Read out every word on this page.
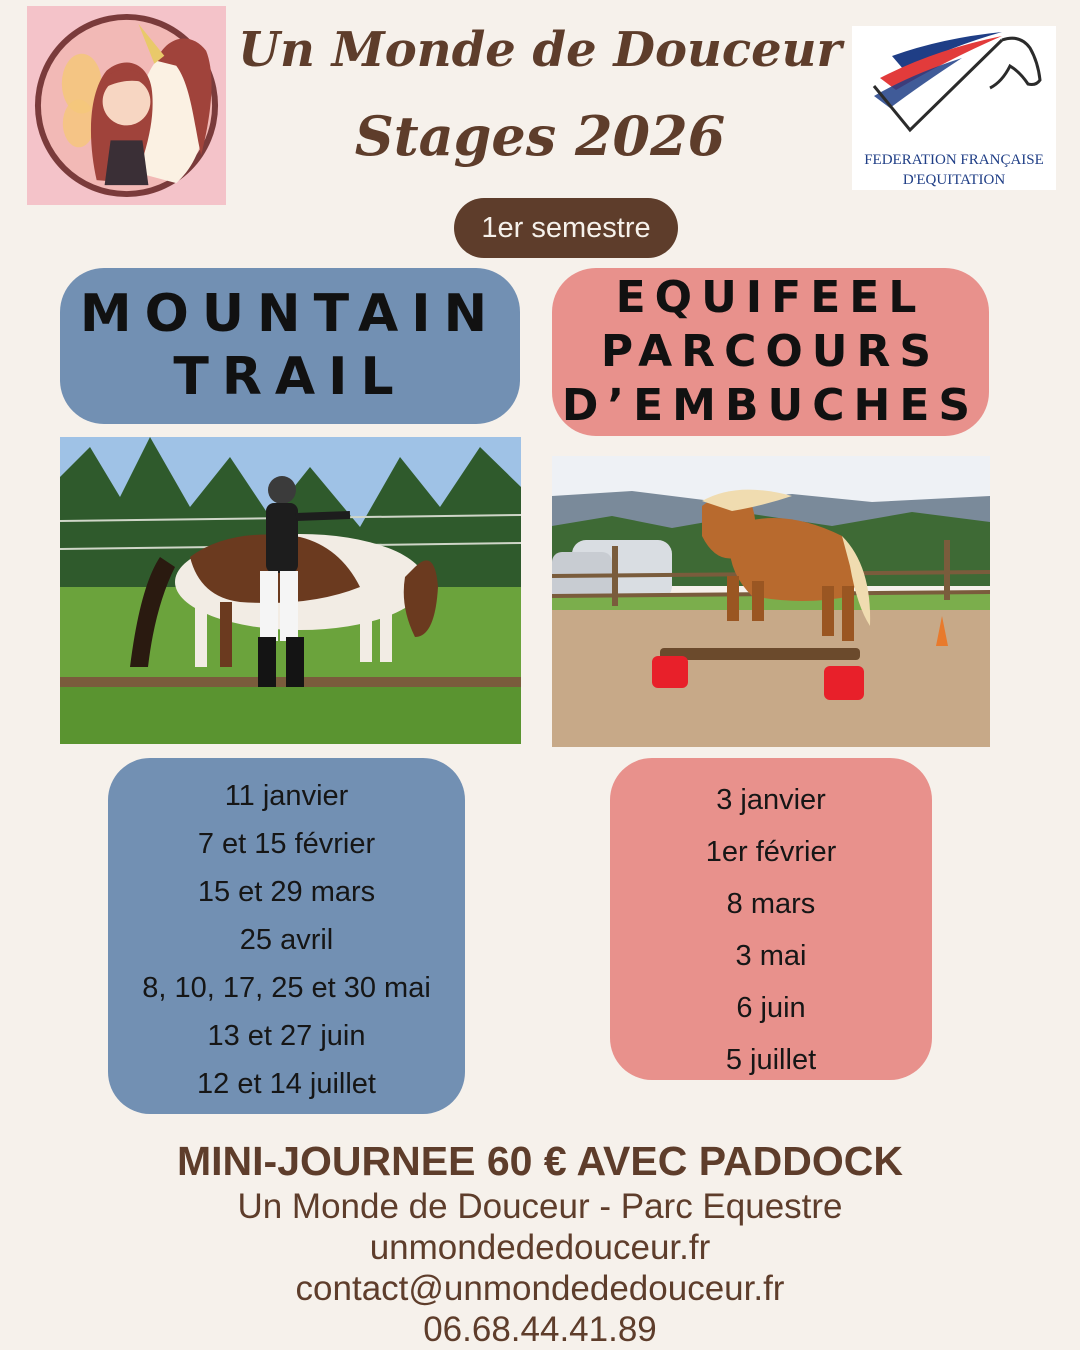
FEDERATION FRANÇAISE
D'EQUITATION
Un Monde de Douceur
Stages 2026
1er semestre
MOUNTAIN
TRAIL
EQUIFEEL
PARCOURS
D’EMBUCHES
11 janvier
7 et 15 février
15 et 29 mars
25 avril
8, 10, 17, 25 et 30 mai
13 et 27 juin
12 et 14 juillet
3 janvier
1er février
8 mars
3 mai
6 juin
5 juillet
MINI-JOURNEE 60 € AVEC PADDOCK
Un Monde de Douceur - Parc Equestre
unmondededouceur.fr
contact@unmondededouceur.fr
06.68.44.41.89
